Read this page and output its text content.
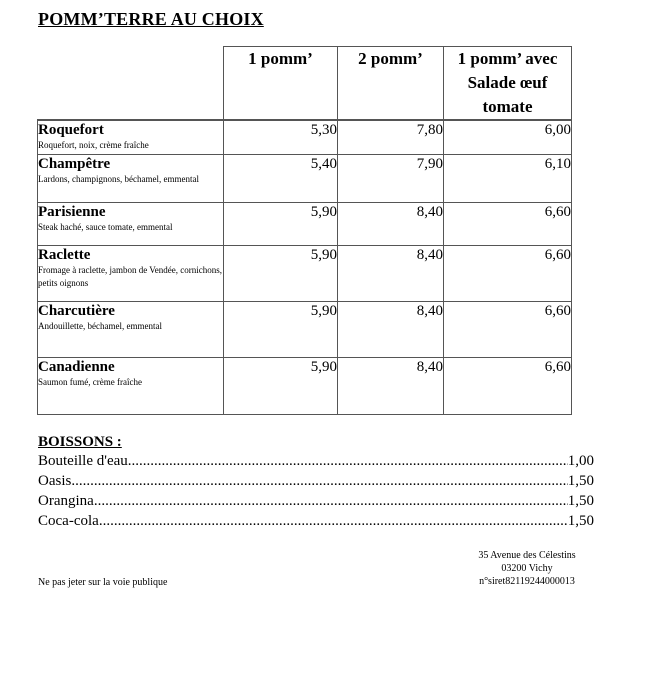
POMM’TERRE AU CHOIX
	1 pomm’	2 pomm’	1 pomm’ avec Salade œuf tomate

Roquefort
Roquefort, noix, crème fraîche	5,30	7,80	6,00

Champêtre
Lardons, champignons, béchamel, emmental	5,40	7,90	6,10

Parisienne
Steak haché, sauce tomate, emmental	5,90	8,40	6,60

Raclette
Fromage à raclette, jambon de Vendée, cornichons, petits oignons	5,90	8,40	6,60

Charcutière
Andouillette, béchamel, emmental	5,90	8,40	6,60

Canadienne
Saumon fumé, crème fraîche	5,90	8,40	6,60
BOISSONS :
Bouteille d'eau .....	1,00
Oasis .....	1,50
Orangina .....	1,50
Coca-cola .....	1,50
Ne pas jeter sur la voie publique
35 Avenue des Célestins
03200 Vichy
n°siret82119244000013
